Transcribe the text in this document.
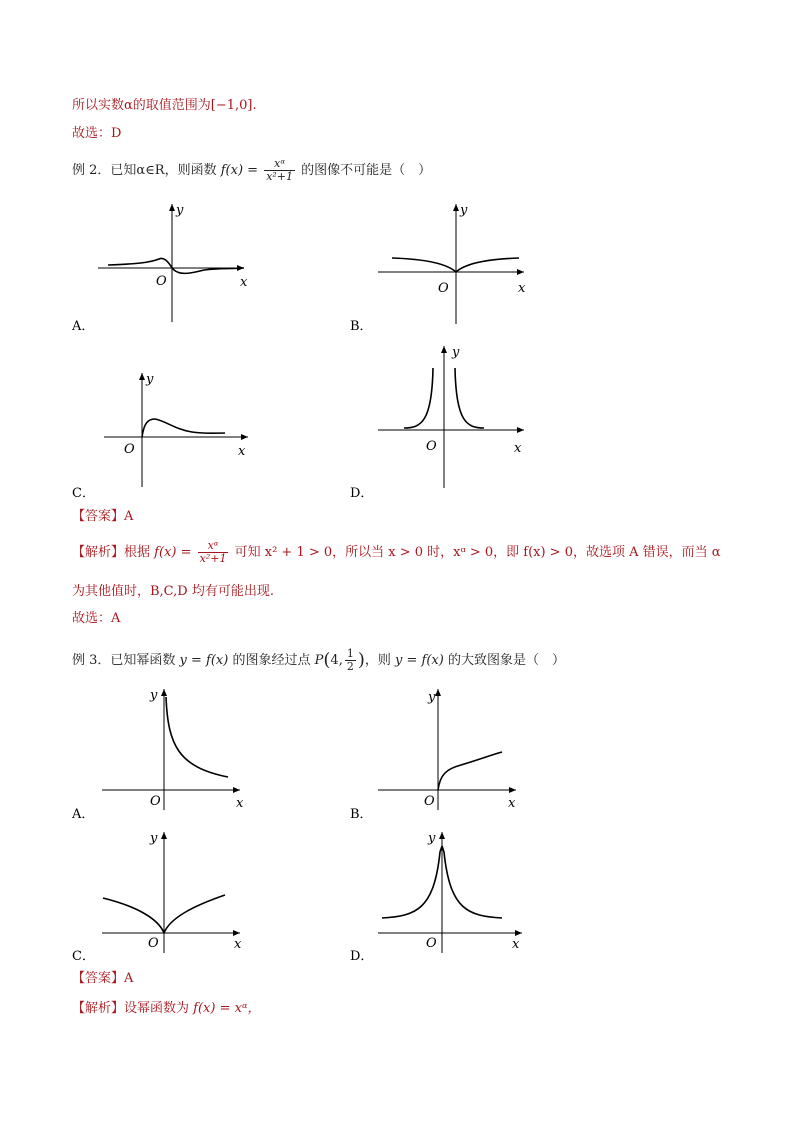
所以实数α的取值范围为[−1,0].
故选：D
例 2．已知α∈R，则函数 $f(x) = \frac{\text{xᵅ}}{\text{x²+1}}$ 的图像不可能是（　）
y
x
O
A．
y
x
O
B．
y
x
O
C．
y
x
O
D．
【答案】A
【解析】根据 $f(x) = \frac{\text{xᵅ}}{\text{x²+1}}$ 可知 x² + 1 > 0，所以当 x > 0 时，xᵅ > 0，即 f(x) > 0，故选项 A 错误，而当 α
为其他值时，B,C,D 均有可能出现.
故选：A
例 3．已知幂函数 y = f(x) 的图象经过点 P(4, $\frac{1}{2}$ )，则 y = f(x) 的大致图象是（　）
y
x
O
A．
y
x
O
B．
y
x
O
C．
y
x
O
D．
【答案】A
【解析】设幂函数为 f(x) = xᵅ，
